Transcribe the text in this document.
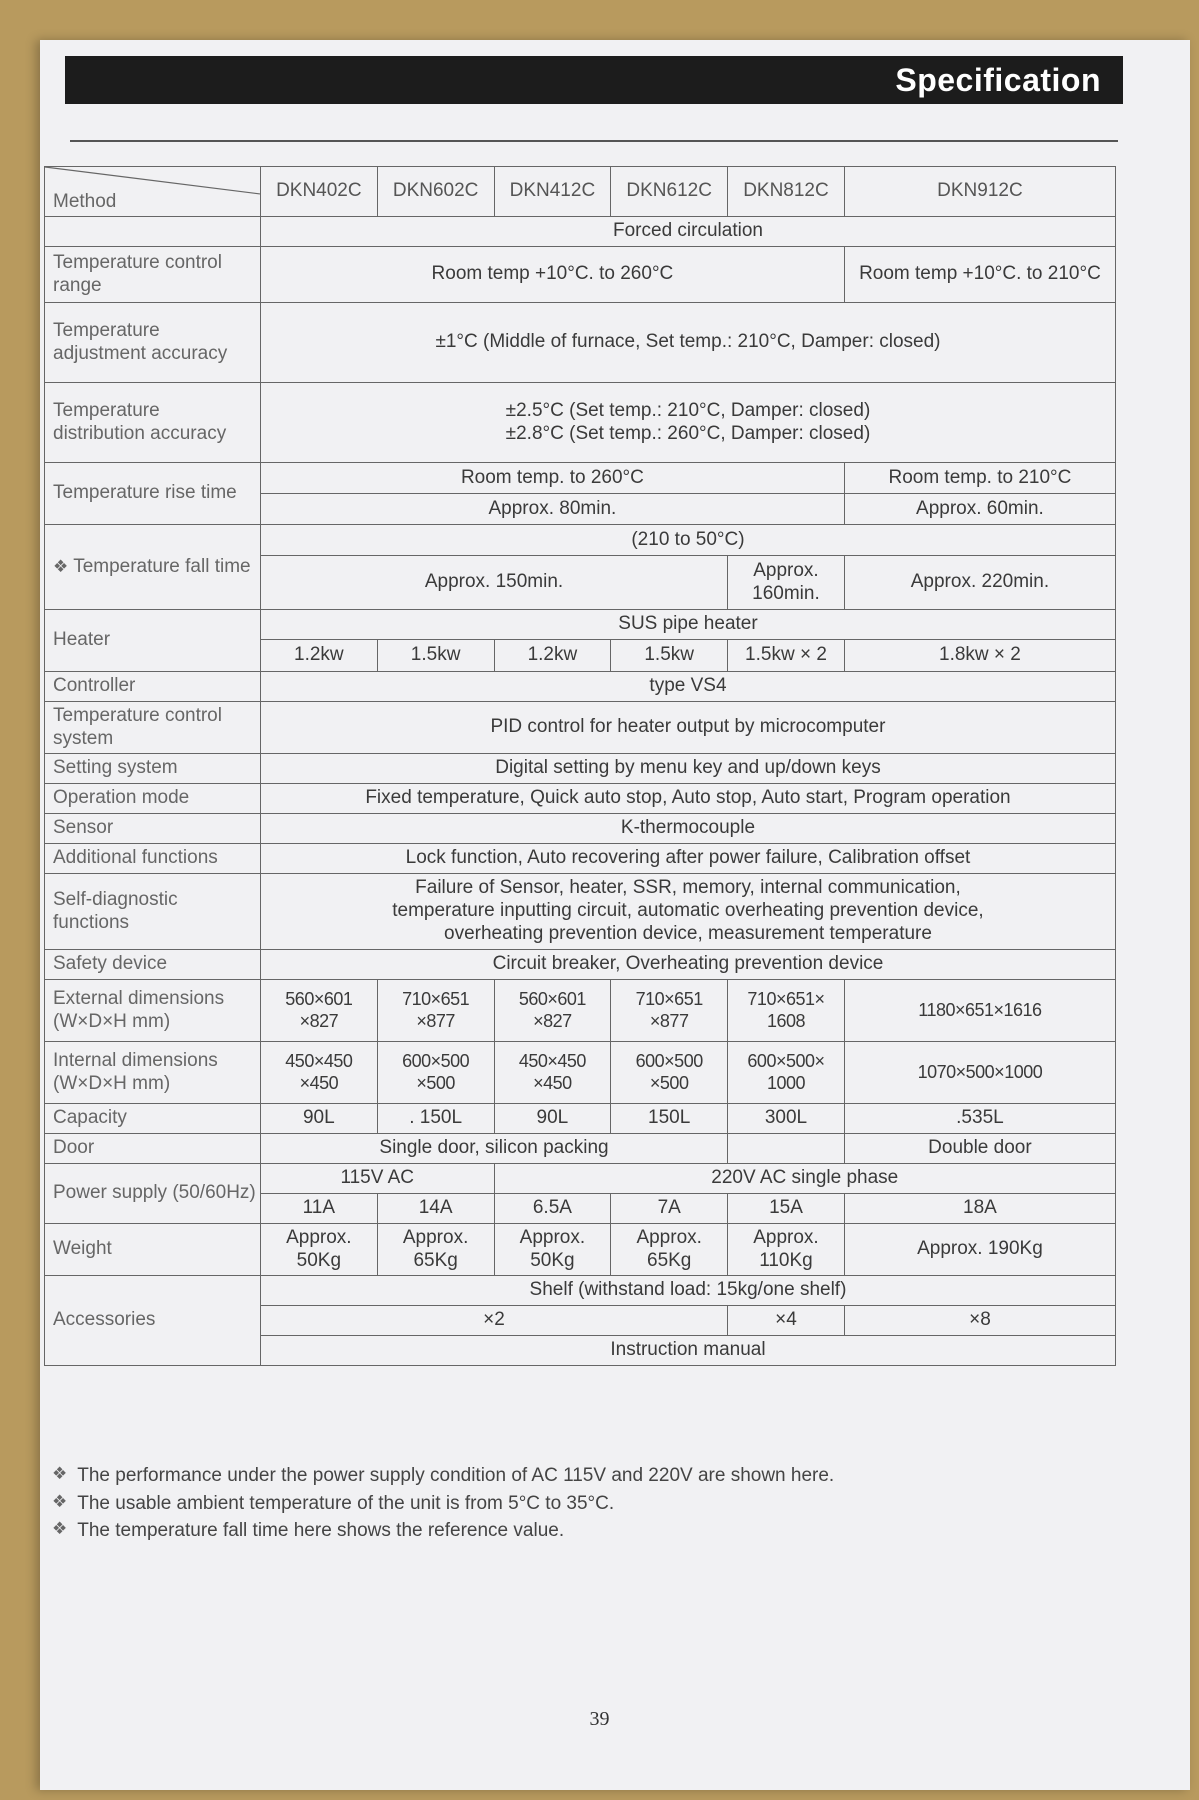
Specification
Method	DKN402C	DKN602C	DKN412C	DKN612C	DKN812C	DKN912C
	Forced circulation					
Temperature control range	Room temp +10°C. to 260°C					Room temp +10°C. to 210°C
Temperature adjustment accuracy	±1°C (Middle of furnace, Set temp.: 210°C, Damper: closed)					
Temperature distribution accuracy	±2.5°C (Set temp.: 210°C, Damper: closed)
±2.8°C (Set temp.: 260°C, Damper: closed)					

Temperature rise time	Room temp. to 260°C					Room temp. to 210°C
	Approx. 80min.					Approx. 60min.
❖ Temperature fall time	(210 to 50°C)					
	Approx. 150min.				Approx. 160min.	Approx. 220min.
Heater	SUS pipe heater					
	1.2kw	1.5kw	1.2kw	1.5kw	1.5kw × 2	1.8kw × 2
Controller	type VS4					
Temperature control system	PID control for heater output by microcomputer					
Setting system	Digital setting by menu key and up/down keys					
Operation mode	Fixed temperature, Quick auto stop, Auto stop, Auto start, Program operation					
Sensor	K-thermocouple					
Additional functions	Lock function, Auto recovering after power failure, Calibration offset					
Self-diagnostic functions	Failure of Sensor, heater, SSR, memory, internal communication,
temperature inputting circuit, automatic overheating prevention device,
overheating prevention device, measurement temperature					

Safety device	Circuit breaker, Overheating prevention device					
External dimensions (W×D×H mm)	560×601 ×827	710×651 ×877	560×601 ×827	710×651 ×877	710×651× 1608	1180×651×1616
Internal dimensions (W×D×H mm)	450×450 ×450	600×500 ×500	450×450 ×450	600×500 ×500	600×500× 1000	1070×500×1000
Capacity	90L	. 150L	90L	150L	300L	.535L
Door	Single door, silicon packing					Double door
Power supply (50/60Hz)	115V AC		220V AC single phase			
	11A	14A	6.5A	7A	15A	18A
Weight	Approx. 50Kg	Approx. 65Kg	Approx. 50Kg	Approx. 65Kg	Approx. 110Kg	Approx. 190Kg
Accessories	Shelf (withstand load: 15kg/one shelf)					
	×2				×4	×8
	Instruction manual					
❖ The performance under the power supply condition of AC 115V and 220V are shown here.
❖ The usable ambient temperature of the unit is from 5°C to 35°C.
❖ The temperature fall time here shows the reference value.
39
